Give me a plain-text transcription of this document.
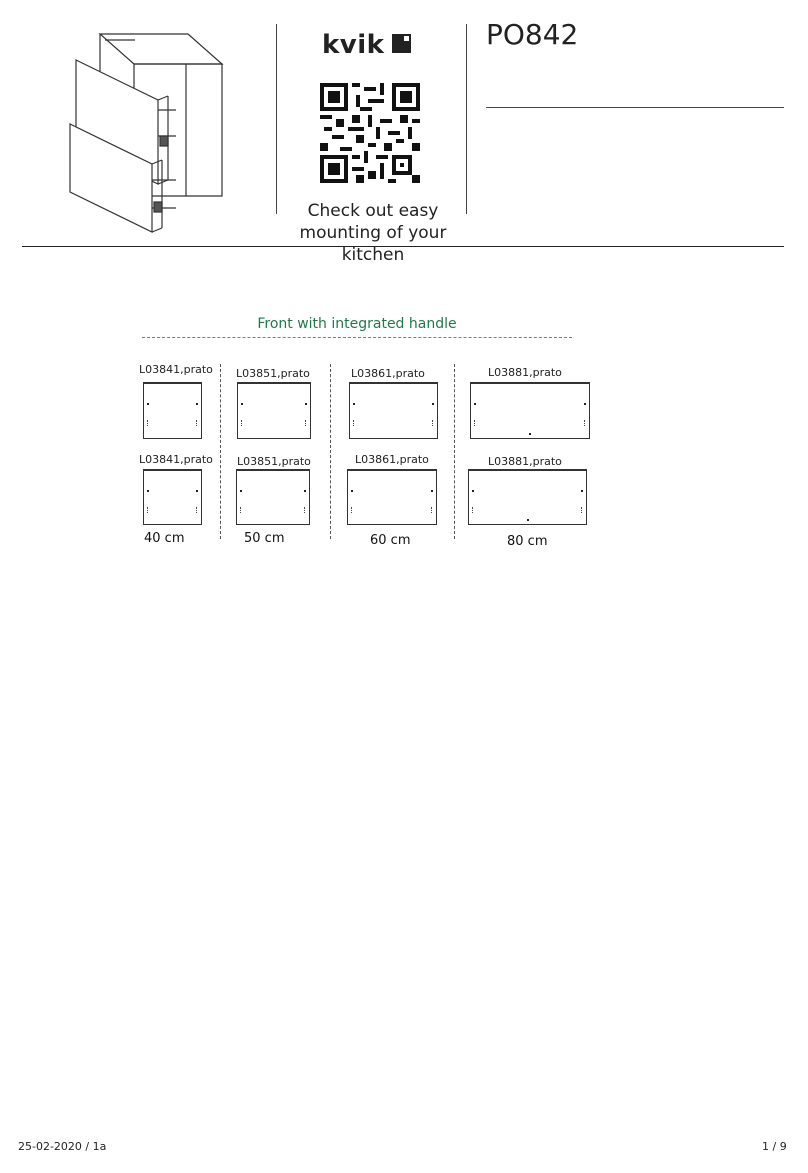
kvik
Check out easy
mounting of your kitchen
PO842
Front with integrated handle
L03841,prato
L03841,prato
40 cm
L03851,prato
L03851,prato
50 cm
L03861,prato
L03861,prato
60 cm
L03881,prato
L03881,prato
80 cm
25-02-2020 / 1a	1 / 9
